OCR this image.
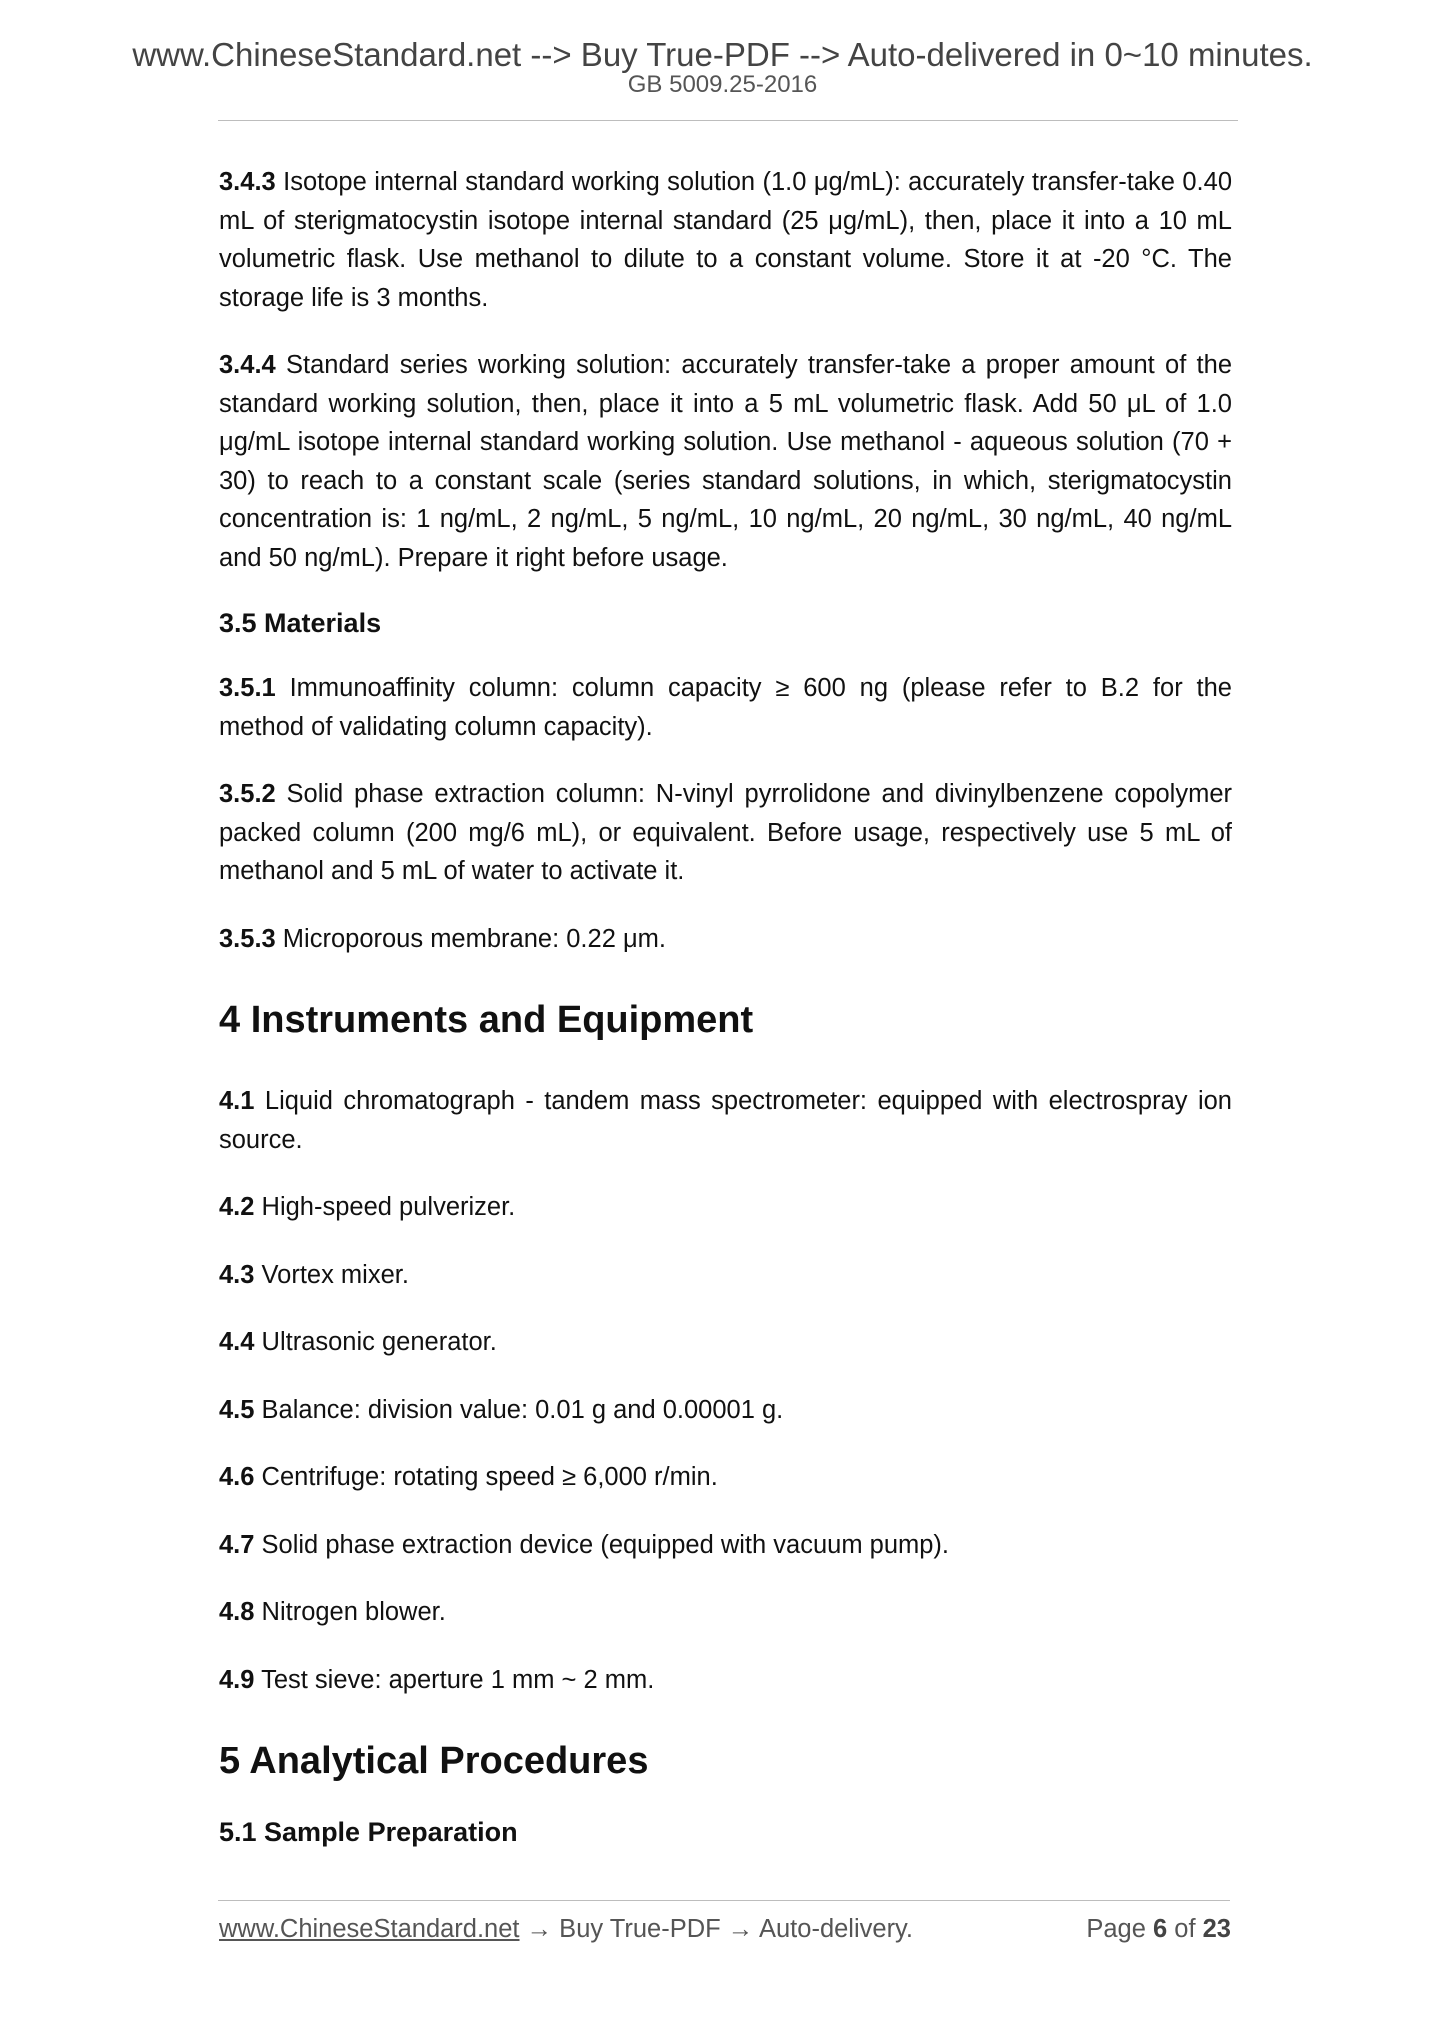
www.ChineseStandard.net --> Buy True-PDF --> Auto-delivered in 0~10 minutes.
GB 5009.25-2016

3.4.3 Isotope internal standard working solution (1.0 μg/mL): accurately transfer-take 0.40 mL of sterigmatocystin isotope internal standard (25 μg/mL), then, place it into a 10 mL volumetric flask. Use methanol to dilute to a constant volume. Store it at -20 °C. The storage life is 3 months.

3.4.4 Standard series working solution: accurately transfer-take a proper amount of the standard working solution, then, place it into a 5 mL volumetric flask. Add 50 μL of 1.0 μg/mL isotope internal standard working solution. Use methanol - aqueous solution (70 + 30) to reach to a constant scale (series standard solutions, in which, sterigmatocystin concentration is: 1 ng/mL, 2 ng/mL, 5 ng/mL, 10 ng/mL, 20 ng/mL, 30 ng/mL, 40 ng/mL and 50 ng/mL). Prepare it right before usage.

3.5 Materials

3.5.1 Immunoaffinity column: column capacity ≥ 600 ng (please refer to B.2 for the method of validating column capacity).

3.5.2 Solid phase extraction column: N-vinyl pyrrolidone and divinylbenzene copolymer packed column (200 mg/6 mL), or equivalent. Before usage, respectively use 5 mL of methanol and 5 mL of water to activate it.

3.5.3 Microporous membrane: 0.22 μm.

4 Instruments and Equipment

4.1 Liquid chromatograph - tandem mass spectrometer: equipped with electrospray ion source.

4.2 High-speed pulverizer.

4.3 Vortex mixer.

4.4 Ultrasonic generator.

4.5 Balance: division value: 0.01 g and 0.00001 g.

4.6 Centrifuge: rotating speed ≥ 6,000 r/min.

4.7 Solid phase extraction device (equipped with vacuum pump).

4.8 Nitrogen blower.

4.9 Test sieve: aperture 1 mm ~ 2 mm.

5 Analytical Procedures
5.1 Sample Preparation
www.ChineseStandard.net → Buy True-PDF → Auto-delivery.	Page 6 of 23
